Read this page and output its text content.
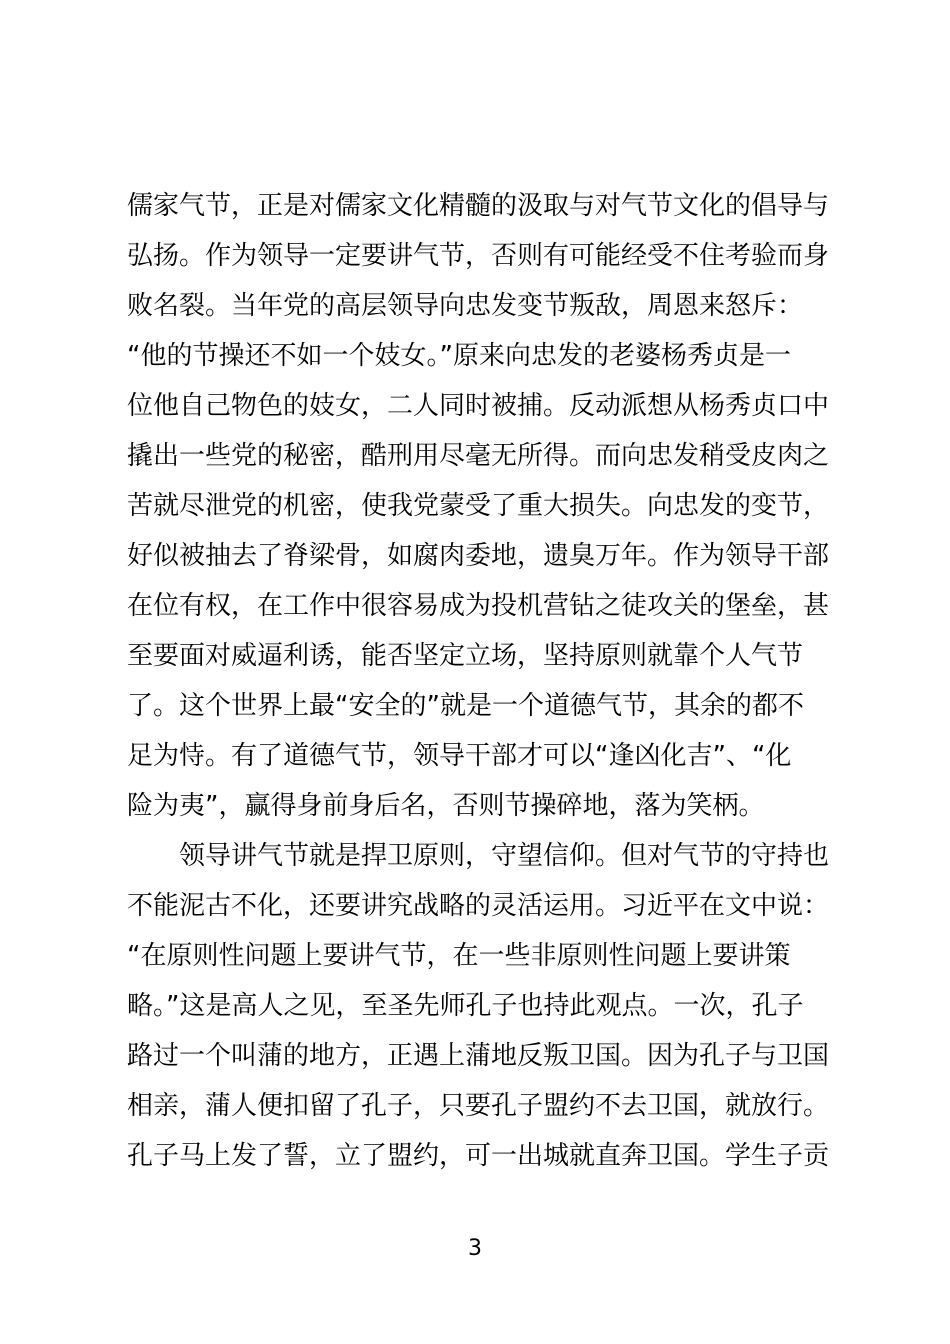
儒家气节，正是对儒家文化精髓的汲取与对气节文化的倡导与
弘扬。作为领导一定要讲气节，否则有可能经受不住考验而身
败名裂。当年党的高层领导向忠发变节叛敌，周恩来怒斥：
“他的节操还不如一个妓女。”原来向忠发的老婆杨秀贞是一
位他自己物色的妓女，二人同时被捕。反动派想从杨秀贞口中
撬出一些党的秘密，酷刑用尽毫无所得。而向忠发稍受皮肉之
苦就尽泄党的机密，使我党蒙受了重大损失。向忠发的变节，
好似被抽去了脊梁骨，如腐肉委地，遗臭万年。作为领导干部
在位有权，在工作中很容易成为投机营钻之徒攻关的堡垒，甚
至要面对威逼利诱，能否坚定立场，坚持原则就靠个人气节
了。这个世界上最“安全的”就是一个道德气节，其余的都不
足为恃。有了道德气节，领导干部才可以“逢凶化吉”、“化
险为夷”，赢得身前身后名，否则节操碎地，落为笑柄。
领导讲气节就是捍卫原则，守望信仰。但对气节的守持也
不能泥古不化，还要讲究战略的灵活运用。习近平在文中说：
“在原则性问题上要讲气节，在一些非原则性问题上要讲策
略。”这是高人之见，至圣先师孔子也持此观点。一次，孔子
路过一个叫蒲的地方，正遇上蒲地反叛卫国。因为孔子与卫国
相亲，蒲人便扣留了孔子，只要孔子盟约不去卫国，就放行。
孔子马上发了誓，立了盟约，可一出城就直奔卫国。学生子贡
3
